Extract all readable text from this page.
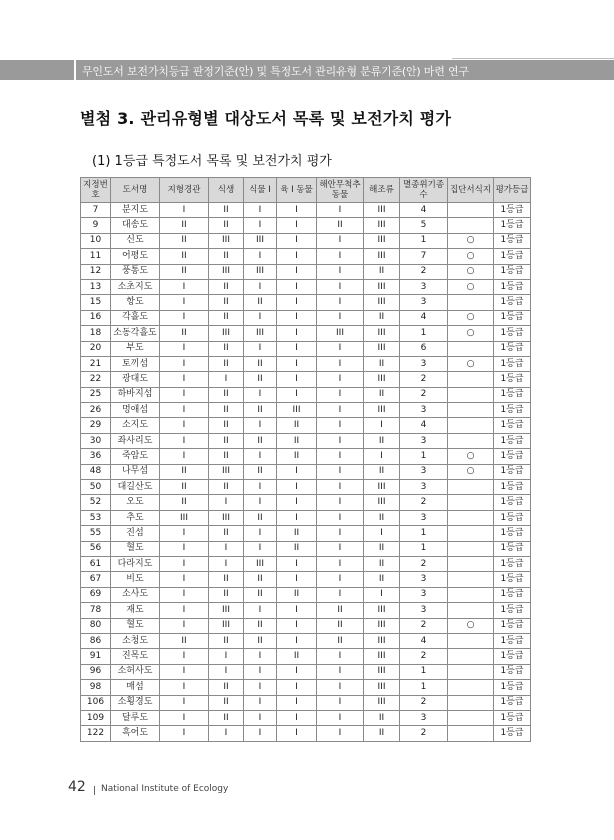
무인도서 보전가치등급 판정기준(안) 및 특정도서 관리유형 분류기준(안) 마련 연구
별첨 3. 관리유형별 대상도서 목록 및 보전가치 평가
(1) 1등급 특정도서 목록 및 보전가치 평가
지정번호	도서명	지형경관	식생	식물 I	육 I 동물	해안무척추동물	해조류	멸종위기종수	집단서식지	평가등급
7	분지도	I	II	I	I	I	III	4		1등급
9	대송도	II	II	I	I	II	III	5		1등급
10	신도	II	III	III	I	I	III	1	○	1등급
11	어평도	II	II	I	I	I	III	7	○	1등급
12	풍통도	II	III	III	I	I	II	2	○	1등급
13	소초지도	I	II	I	I	I	III	3	○	1등급
15	항도	I	II	II	I	I	III	3		1등급
16	각흘도	I	II	I	I	I	II	4	○	1등급
18	소동각흘도	II	III	III	I	III	III	1	○	1등급
20	부도	I	II	I	I	I	III	6		1등급
21	토끼섬	I	II	II	I	I	II	3	○	1등급
22	광대도	I	I	II	I	I	III	2		1등급
25	하바지섬	I	II	I	I	I	II	2		1등급
26	멍애섬	I	II	II	III	I	III	3		1등급
29	소지도	I	II	I	II	I	I	4		1등급
30	좌사리도	I	II	II	II	I	II	3		1등급
36	죽암도	I	II	I	II	I	I	1	○	1등급
48	나무섬	II	III	II	I	I	II	3	○	1등급
50	대길산도	II	II	I	I	I	III	3		1등급
52	오도	II	I	I	I	I	III	2		1등급
53	추도	III	III	II	I	I	II	3		1등급
55	진섬	I	II	I	II	I	I	1		1등급
56	혈도	I	I	I	II	I	II	1		1등급
61	다라지도	I	I	III	I	I	II	2		1등급
67	비도	I	II	II	I	I	II	3		1등급
69	소사도	I	II	II	II	I	I	3		1등급
78	재도	I	III	I	I	II	III	3		1등급
80	혈도	I	III	II	I	II	III	2	○	1등급
86	소청도	II	II	II	I	II	III	4		1등급
91	진목도	I	I	I	II	I	III	2		1등급
96	소허사도	I	I	I	I	I	III	1		1등급
98	매섬	I	II	I	I	I	III	1		1등급
106	소횡경도	I	II	I	I	I	III	2		1등급
109	달루도	I	II	I	I	I	II	3		1등급
122	흑어도	I	I	I	I	I	II	2		1등급
42 National Institute of Ecology
